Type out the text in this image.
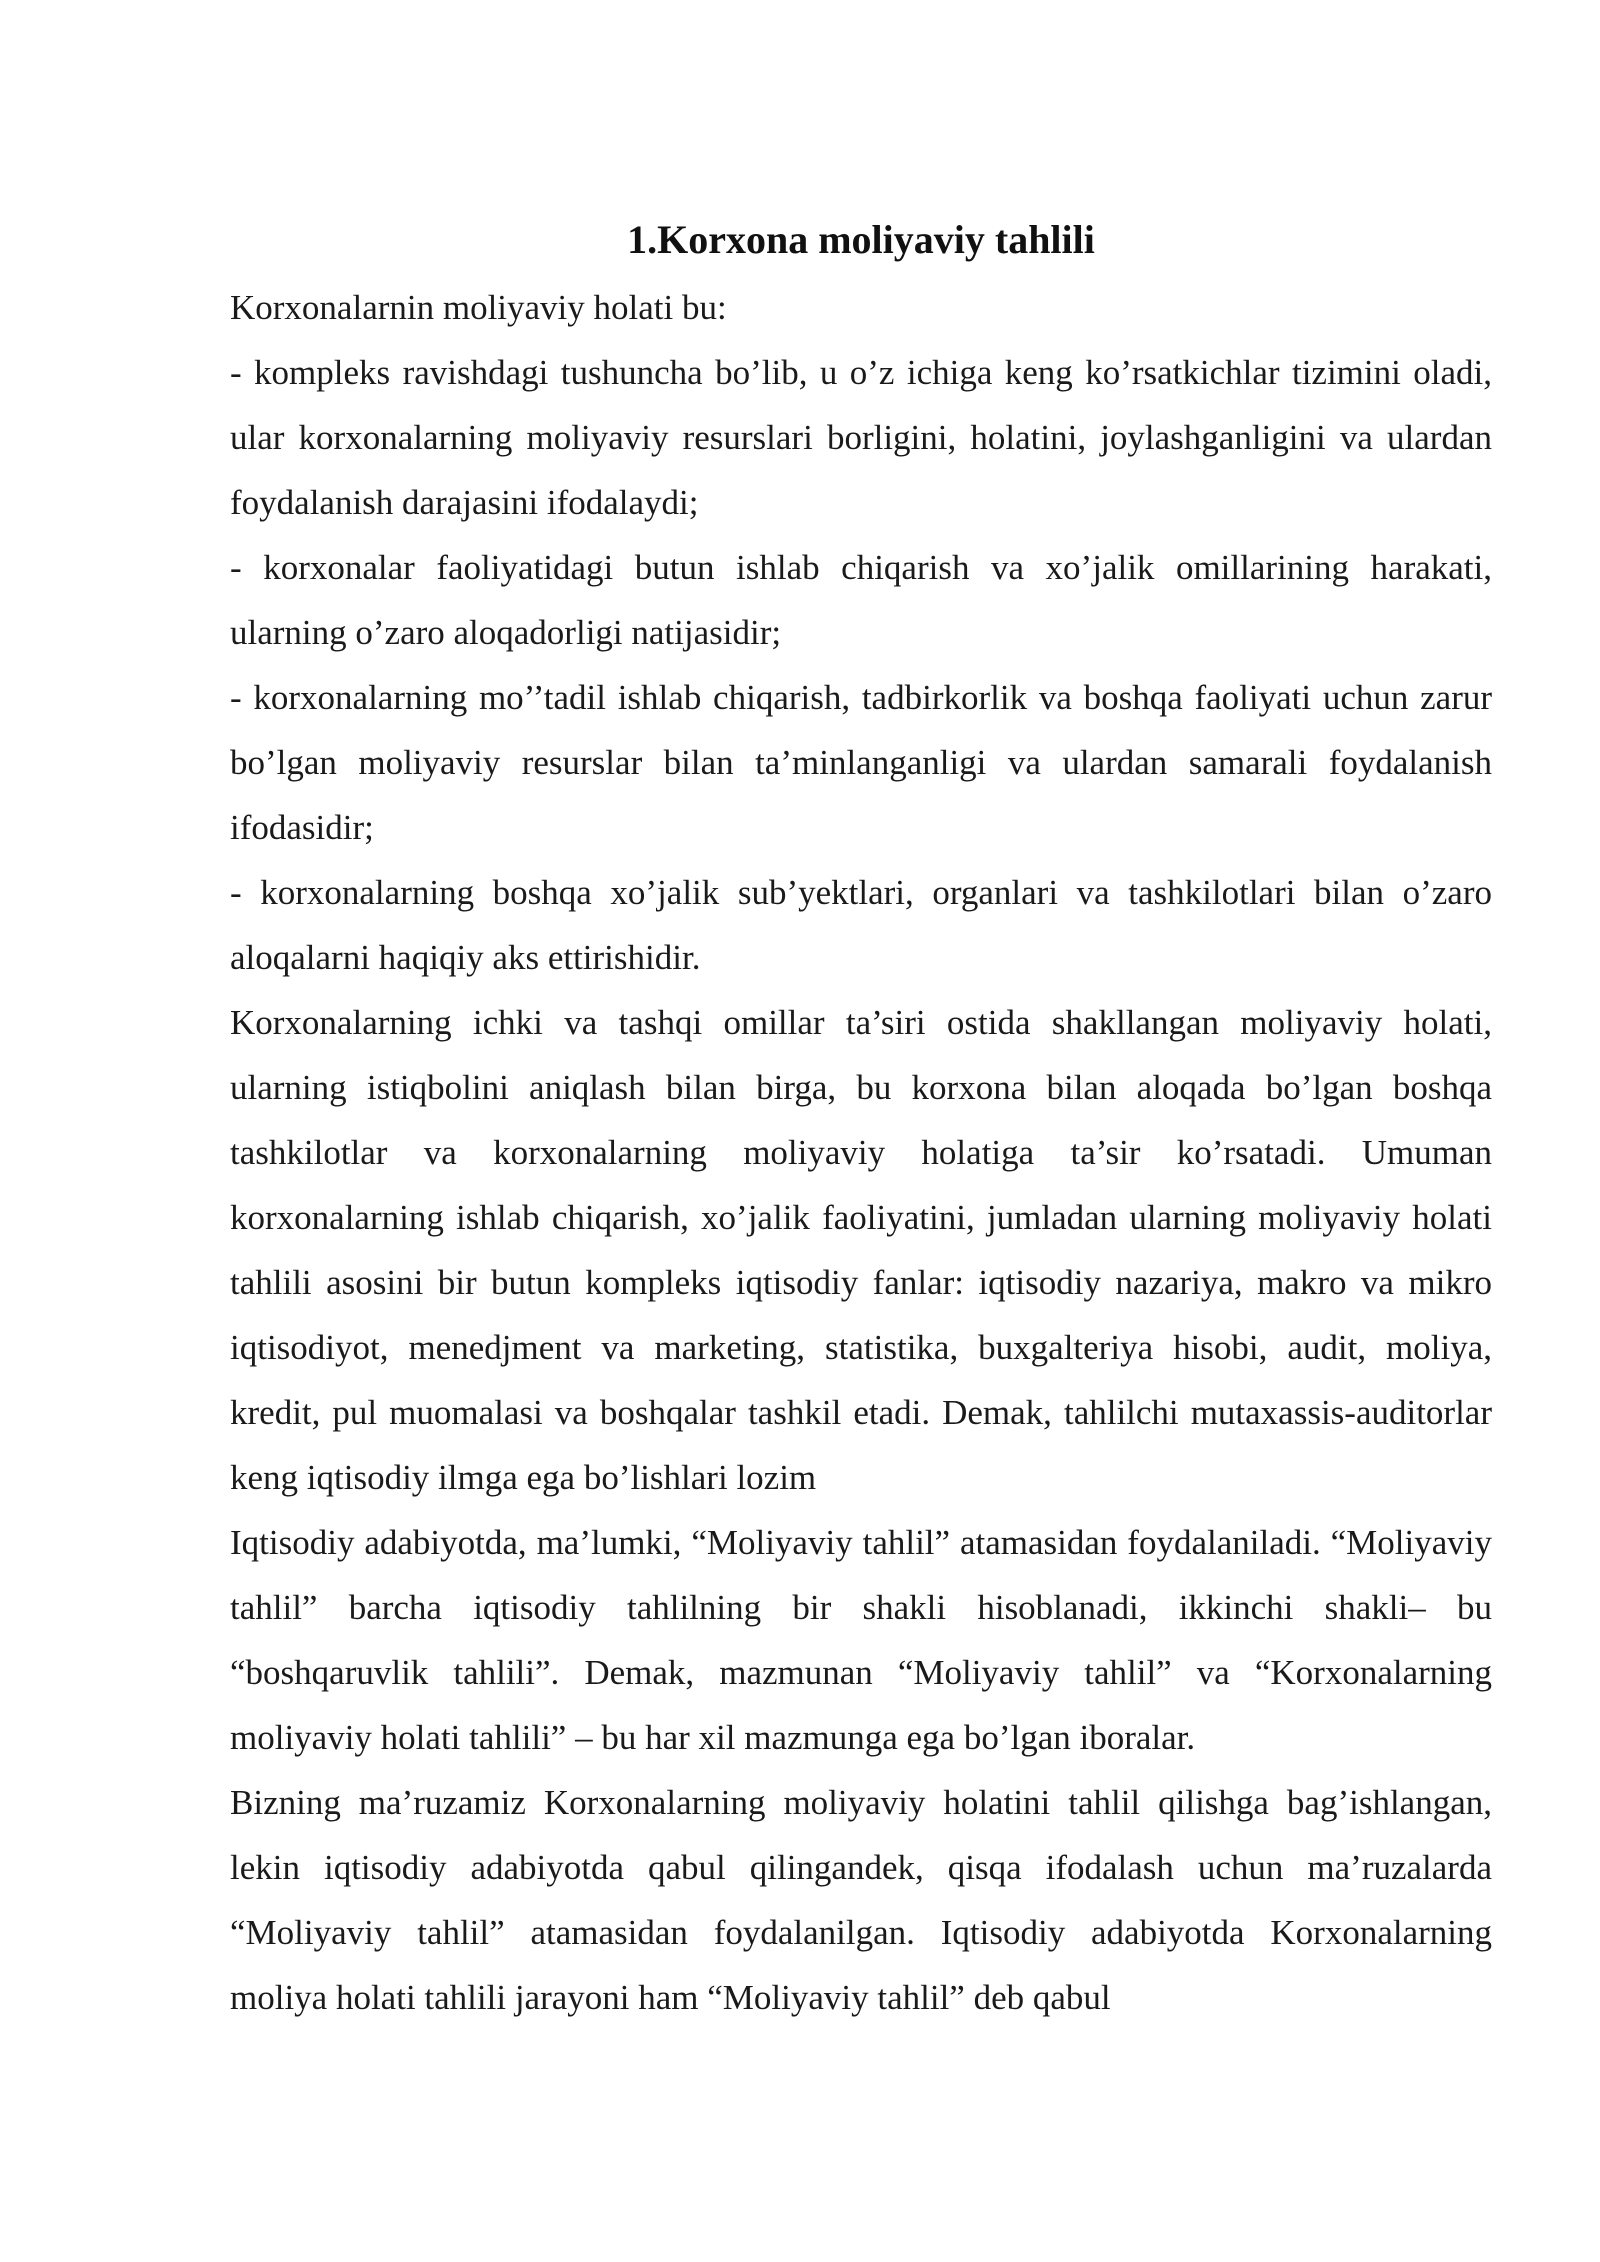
1.Korxona moliyaviy tahlili

Korxonalarnin moliyaviy holati bu:

- kompleks ravishdagi tushuncha bo’lib, u o’z ichiga keng ko’rsatkichlar tizimini oladi, ular korxonalarning moliyaviy resurslari borligini, holatini, joylashganligini va ulardan foydalanish darajasini ifodalaydi;

- korxonalar faoliyatidagi butun ishlab chiqarish va xo’jalik omillarining harakati, ularning o’zaro aloqadorligi natijasidir;

- korxonalarning mo’’tadil ishlab chiqarish, tadbirkorlik va boshqa faoliyati uchun zarur bo’lgan moliyaviy resurslar bilan ta’minlanganligi va ulardan samarali foydalanish ifodasidir;

- korxonalarning boshqa xo’jalik sub’yektlari, organlari va tashkilotlari bilan o’zaro aloqalarni haqiqiy aks ettirishidir.

Korxonalarning ichki va tashqi omillar ta’siri ostida shakllangan moliyaviy holati, ularning istiqbolini aniqlash bilan birga, bu korxona bilan aloqada bo’lgan boshqa tashkilotlar va korxonalarning moliyaviy holatiga ta’sir ko’rsatadi. Umuman korxonalarning ishlab chiqarish, xo’jalik faoliyatini, jumladan ularning moliyaviy holati tahlili asosini bir butun kompleks iqtisodiy fanlar: iqtisodiy nazariya, makro va mikro iqtisodiyot, menedjment va marketing, statistika, buxgalteriya hisobi, audit, moliya, kredit, pul muomalasi va boshqalar tashkil etadi. Demak, tahlilchi mutaxassis-auditorlar keng iqtisodiy ilmga ega bo’lishlari lozim

Iqtisodiy adabiyotda, ma’lumki, “Moliyaviy tahlil” atamasidan foydalaniladi. “Moliyaviy tahlil” barcha iqtisodiy tahlilning bir shakli hisoblanadi, ikkinchi shakli– bu “boshqaruvlik tahlili”. Demak, mazmunan “Moliyaviy tahlil” va “Korxonalarning moliyaviy holati tahlili” – bu har xil mazmunga ega bo’lgan iboralar.

Bizning ma’ruzamiz Korxonalarning moliyaviy holatini tahlil qilishga bag’ishlangan, lekin iqtisodiy adabiyotda qabul qilingandek, qisqa ifodalash uchun ma’ruzalarda “Moliyaviy tahlil” atamasidan foydalanilgan. Iqtisodiy adabiyotda Korxonalarning moliya holati tahlili jarayoni ham “Moliyaviy tahlil” deb qabul
